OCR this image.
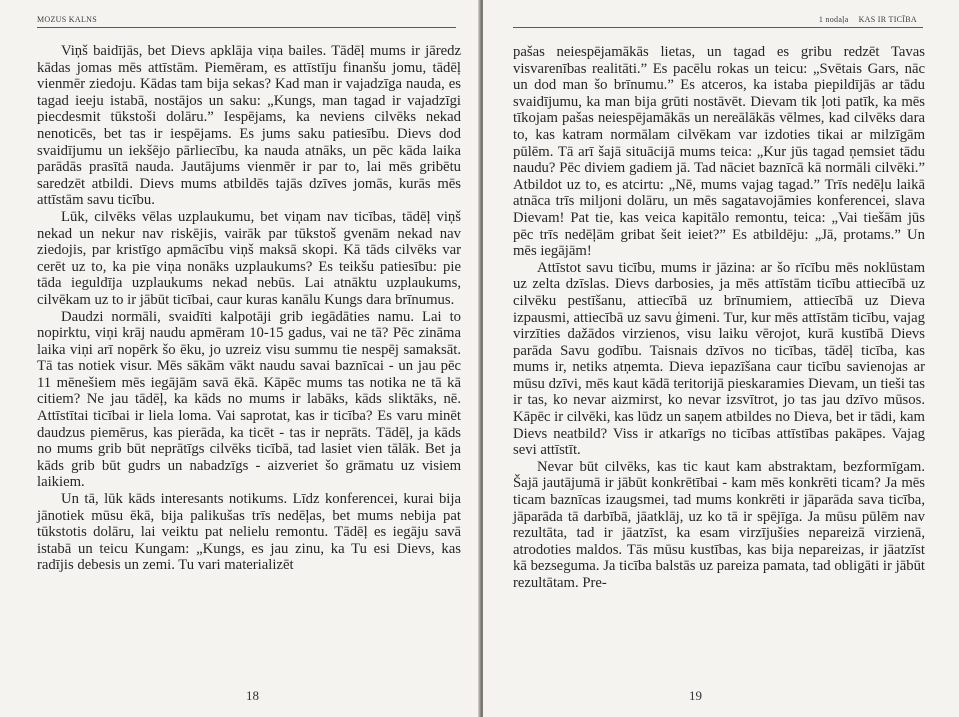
MOZUS KALNS

Viņš baidījās, bet Dievs apklāja viņa bailes. Tādēļ mums ir jāredz kādas jomas mēs attīstām. Piemēram, es attīstīju finanšu jomu, tādēļ vienmēr ziedoju. Kādas tam bija sekas? Kad man ir vajadzīga nauda, es tagad ieeju istabā, nostājos un saku: „Kungs, man tagad ir vajadzīgi piecdesmit tūkstoši dolāru.” Iespējams, ka neviens cilvēks nekad nenoticēs, bet tas ir iespējams. Es jums saku patiesību. Dievs dod svaidījumu un iekšējo pārliecību, ka nauda atnāks, un pēc kāda laika parādās prasītā nauda. Jautājums vienmēr ir par to, lai mēs gribētu saredzēt atbildi. Dievs mums atbildēs tajās dzīves jomās, kurās mēs attīstām savu ticību.

Lūk, cilvēks vēlas uzplaukumu, bet viņam nav ticības, tādēļ viņš nekad un nekur nav riskējis, vairāk par tūkstoš gvenām nekad nav ziedojis, par kristīgo apmācību viņš maksā skopi. Kā tāds cilvēks var cerēt uz to, ka pie viņa nonāks uzplaukums? Es teikšu patiesību: pie tāda ieguldīja uzplaukums nekad nebūs. Lai atnāktu uzplaukums, cilvēkam uz to ir jābūt ticībai, caur kuras kanālu Kungs dara brīnumus.

Daudzi normāli, svaidīti kalpotāji grib iegādāties namu. Lai to nopirktu, viņi krāj naudu apmēram 10-15 gadus, vai ne tā? Pēc zināma laika viņi arī nopērk šo ēku, jo uzreiz visu summu tie nespēj samaksāt. Tā tas notiek visur. Mēs sākām vākt naudu savai baznīcai - un jau pēc 11 mēnešiem mēs iegājām savā ēkā. Kāpēc mums tas notika ne tā kā citiem? Ne jau tādēļ, ka kāds no mums ir labāks, kāds sliktāks, nē. Attīstītai ticībai ir liela loma. Vai saprotat, kas ir ticība? Es varu minēt daudzus piemērus, kas pierāda, ka ticēt - tas ir neprāts. Tādēļ, ja kāds no mums grib būt neprātīgs cilvēks ticībā, tad lasiet vien tālāk. Bet ja kāds grib būt gudrs un nabadzīgs - aizveriet šo grāmatu uz visiem laikiem.

Un tā, lūk kāds interesants notikums. Līdz konferencei, kurai bija jānotiek mūsu ēkā, bija palikušas trīs nedēļas, bet mums nebija pat tūkstotis dolāru, lai veiktu pat nelielu remontu. Tādēļ es iegāju savā istabā un teicu Kungam: „Kungs, es jau zinu, ka Tu esi Dievs, kas radījis debesis un zemi. Tu vari materializēt

18
1 nodaļa KAS IR TICĪBA

pašas neiespējamākās lietas, un tagad es gribu redzēt Tavas visvarenības realitāti.” Es pacēlu rokas un teicu: „Svētais Gars, nāc un dod man šo brīnumu.” Es atceros, ka istaba piepildījās ar tādu svaidījumu, ka man bija grūti nostāvēt. Dievam tik ļoti patīk, ka mēs tīkojam pašas neiespējamākās un nereālākās vēlmes, kad cilvēks dara to, kas katram normālam cilvēkam var izdoties tikai ar milzīgām pūlēm. Tā arī šajā situācijā mums teica: „Kur jūs tagad ņemsiet tādu naudu? Pēc diviem gadiem jā. Tad nāciet baznīcā kā normāli cilvēki.” Atbildot uz to, es atcirtu: „Nē, mums vajag tagad.” Trīs nedēļu laikā atnāca trīs miljoni dolāru, un mēs sagatavojāmies konferencei, slava Dievam! Pat tie, kas veica kapitālo remontu, teica: „Vai tiešām jūs pēc trīs nedēļām gribat šeit ieiet?” Es atbildēju: „Jā, protams.” Un mēs iegājām!

Attīstot savu ticību, mums ir jāzina: ar šo rīcību mēs noklūstam uz zelta dzīslas. Dievs darbosies, ja mēs attīstām ticību attiecībā uz cilvēku pestīšanu, attiecībā uz brīnumiem, attiecībā uz Dieva izpausmi, attiecībā uz savu ģimeni. Tur, kur mēs attīstām ticību, vajag virzīties dažādos virzienos, visu laiku vērojot, kurā kustībā Dievs parāda Savu godību. Taisnais dzīvos no ticības, tādēļ ticība, kas mums ir, netiks atņemta. Dieva iepazīšana caur ticību savienojas ar mūsu dzīvi, mēs kaut kādā teritorijā pieskaramies Dievam, un tieši tas ir tas, ko nevar aizmirst, ko nevar izsvītrot, jo tas jau dzīvo mūsos. Kāpēc ir cilvēki, kas lūdz un saņem atbildes no Dieva, bet ir tādi, kam Dievs neatbild? Viss ir atkarīgs no ticības attīstības pakāpes. Vajag sevi attīstīt.

Nevar būt cilvēks, kas tic kaut kam abstraktam, bezformīgam. Šajā jautājumā ir jābūt konkrētībai - kam mēs konkrēti ticam? Ja mēs ticam baznīcas izaugsmei, tad mums konkrēti ir jāparāda sava ticība, jāparāda tā darbībā, jāatklāj, uz ko tā ir spējīga. Ja mūsu pūlēm nav rezultāta, tad ir jāatzīst, ka esam virzījušies nepareizā virzienā, atrodoties maldos. Tās mūsu kustības, kas bija nepareizas, ir jāatzīst kā bezseguma. Ja ticība balstās uz pareiza pamata, tad obligāti ir jābūt rezultātam. Pre-

19
